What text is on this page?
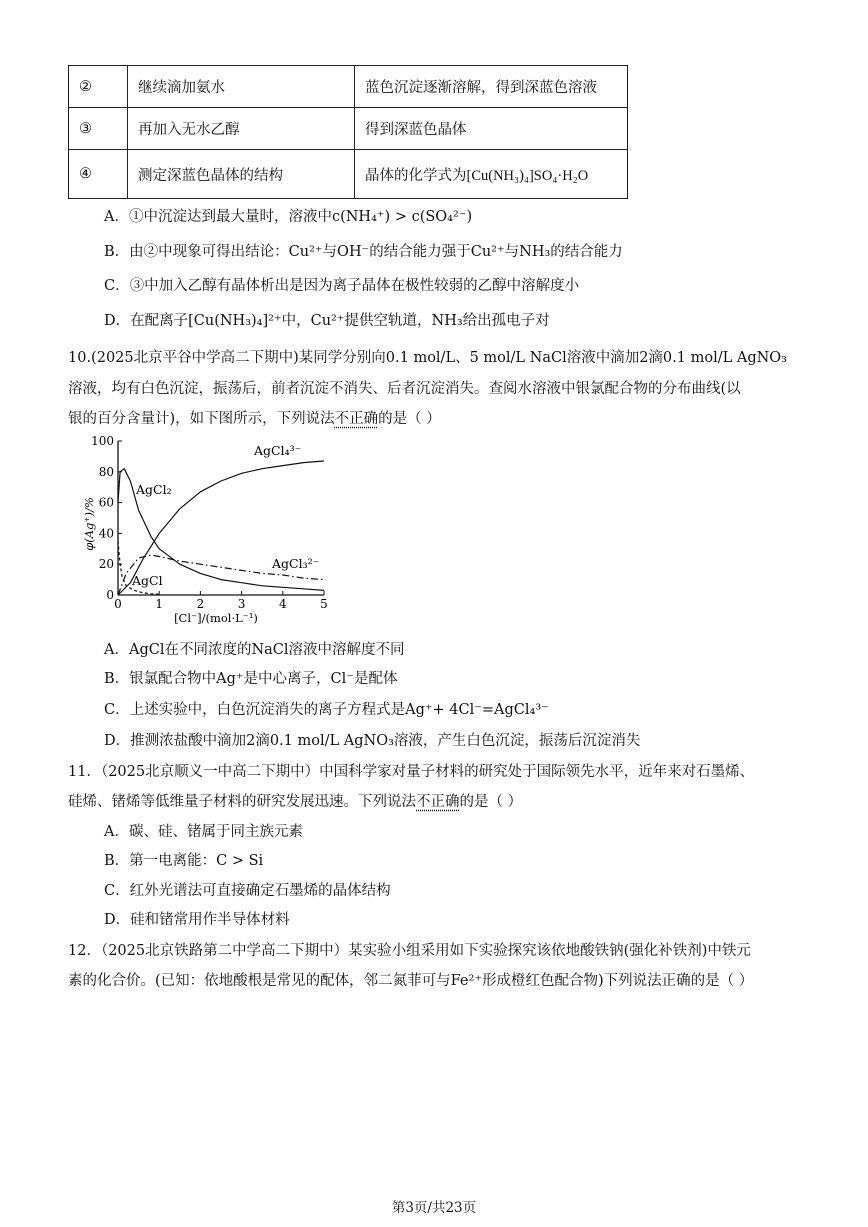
②	继续滴加氨水	蓝色沉淀逐渐溶解，得到深蓝色溶液
③	再加入无水乙醇	得到深蓝色晶体
④	测定深蓝色晶体的结构	晶体的化学式为[Cu(NH₃)₄]SO₄·H₂O
A．①中沉淀达到最大量时，溶液中c(NH₄⁺) > c(SO₄²⁻)
B．由②中现象可得出结论：Cu²⁺与OH⁻的结合能力强于Cu²⁺与NH₃的结合能力
C．③中加入乙醇有晶体析出是因为离子晶体在极性较弱的乙醇中溶解度小
D．在配离子[Cu(NH₃)₄]²⁺中，Cu²⁺提供空轨道，NH₃给出孤电子对
10.(2025北京平谷中学高二下期中)某同学分别向0.1 mol/L、5 mol/L NaCl溶液中滴加2滴0.1 mol/L AgNO₃
溶液，均有白色沉淀，振荡后，前者沉淀不消失、后者沉淀消失。查阅水溶液中银氯配合物的分布曲线(以
银的百分含量计)，如下图所示，下列说法不正确的是（ ）
0	1	2	3	4	5
0
20
40
60
80
100
[Cl⁻]/(mol·L⁻¹)
φ(Ag⁺)/%
AgCl₄³⁻
AgCl₂
AgCl₃²⁻
AgCl
A．AgCl在不同浓度的NaCl溶液中溶解度不同
B．银氯配合物中Ag⁺是中心离子，Cl⁻是配体
C．上述实验中，白色沉淀消失的离子方程式是Ag⁺+ 4Cl⁻=AgCl₄³⁻
D．推测浓盐酸中滴加2滴0.1 mol/L AgNO₃溶液，产生白色沉淀，振荡后沉淀消失
11．（2025北京顺义一中高二下期中）中国科学家对量子材料的研究处于国际领先水平，近年来对石墨烯、
硅烯、锗烯等低维量子材料的研究发展迅速。下列说法不正确的是（ ）
A．碳、硅、锗属于同主族元素
B．第一电离能：C > Si
C．红外光谱法可直接确定石墨烯的晶体结构
D．硅和锗常用作半导体材料
12．（2025北京铁路第二中学高二下期中）某实验小组采用如下实验探究该依地酸铁钠(强化补铁剂)中铁元
素的化合价。(已知：依地酸根是常见的配体，邻二氮菲可与Fe²⁺形成橙红色配合物)下列说法正确的是（ ）
第3页/共23页
